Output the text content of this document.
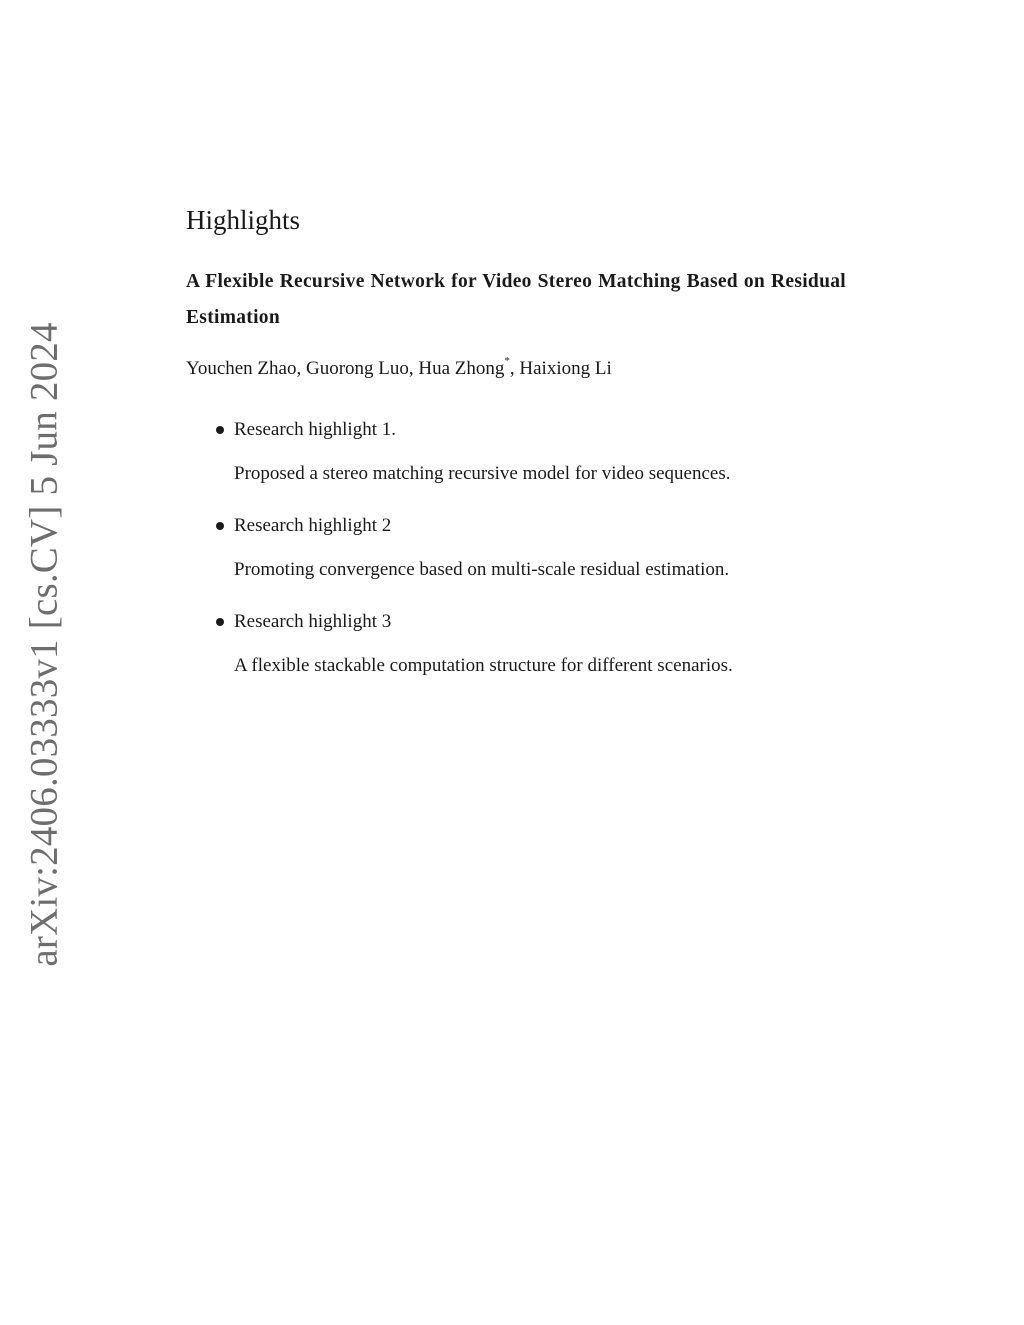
arXiv:2406.03333v1 [cs.CV] 5 Jun 2024
Highlights
A Flexible Recursive Network for Video Stereo Matching Based on Residual Estimation

Youchen Zhao, Guorong Luo, Hua Zhong*, Haixiong Li

Research highlight 1.

Proposed a stereo matching recursive model for video sequences.

Research highlight 2

Promoting convergence based on multi-scale residual estimation.

Research highlight 3

A flexible stackable computation structure for different scenarios.
